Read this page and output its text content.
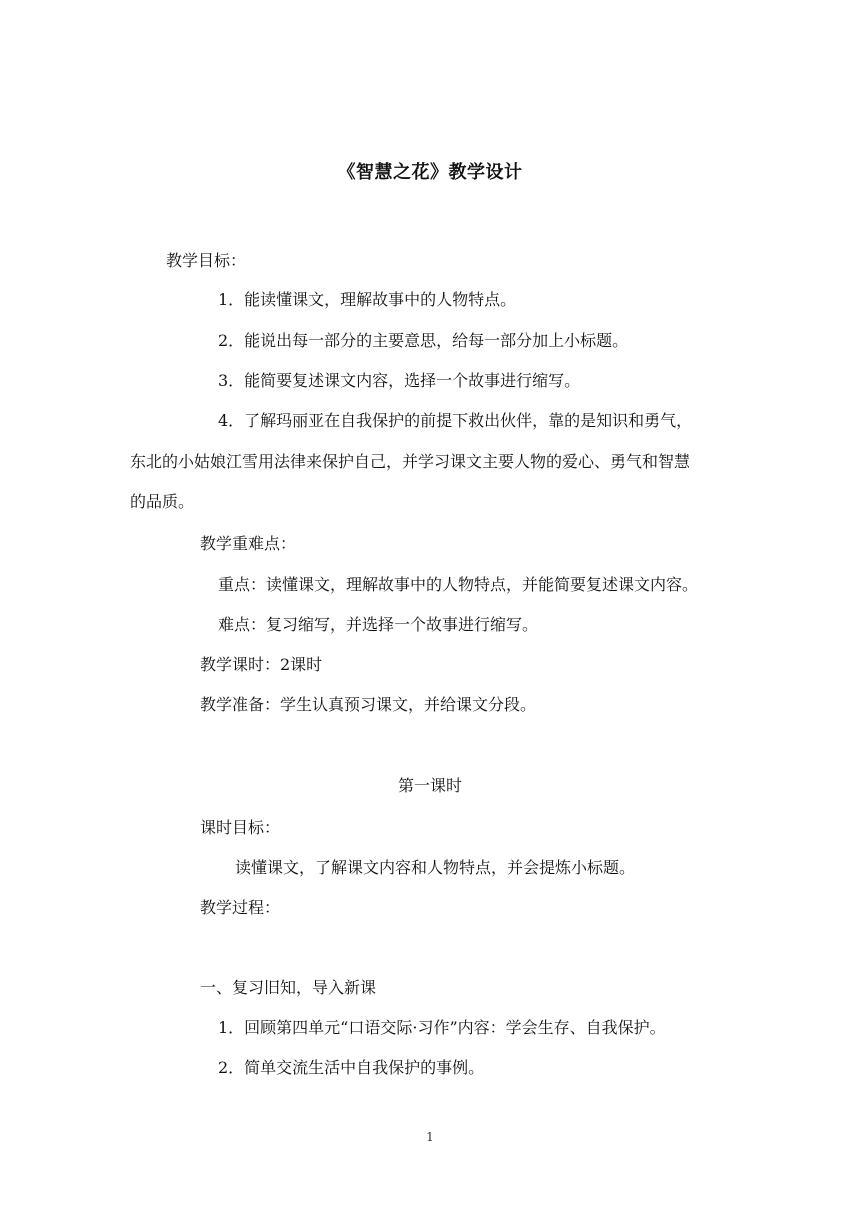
《智慧之花》教学设计
教学目标：
1．能读懂课文，理解故事中的人物特点。
2．能说出每一部分的主要意思，给每一部分加上小标题。
3．能简要复述课文内容，选择一个故事进行缩写。
4．了解玛丽亚在自我保护的前提下救出伙伴，靠的是知识和勇气，
东北的小姑娘江雪用法律来保护自己，并学习课文主要人物的爱心、勇气和智慧
的品质。
教学重难点：
重点：读懂课文，理解故事中的人物特点，并能简要复述课文内容。
难点：复习缩写，并选择一个故事进行缩写。
教学课时：2课时
教学准备：学生认真预习课文，并给课文分段。
第一课时
课时目标：
读懂课文，了解课文内容和人物特点，并会提炼小标题。
教学过程：
一、复习旧知，导入新课
1．回顾第四单元“口语交际·习作”内容：学会生存、自我保护。
2．简单交流生活中自我保护的事例。
1
